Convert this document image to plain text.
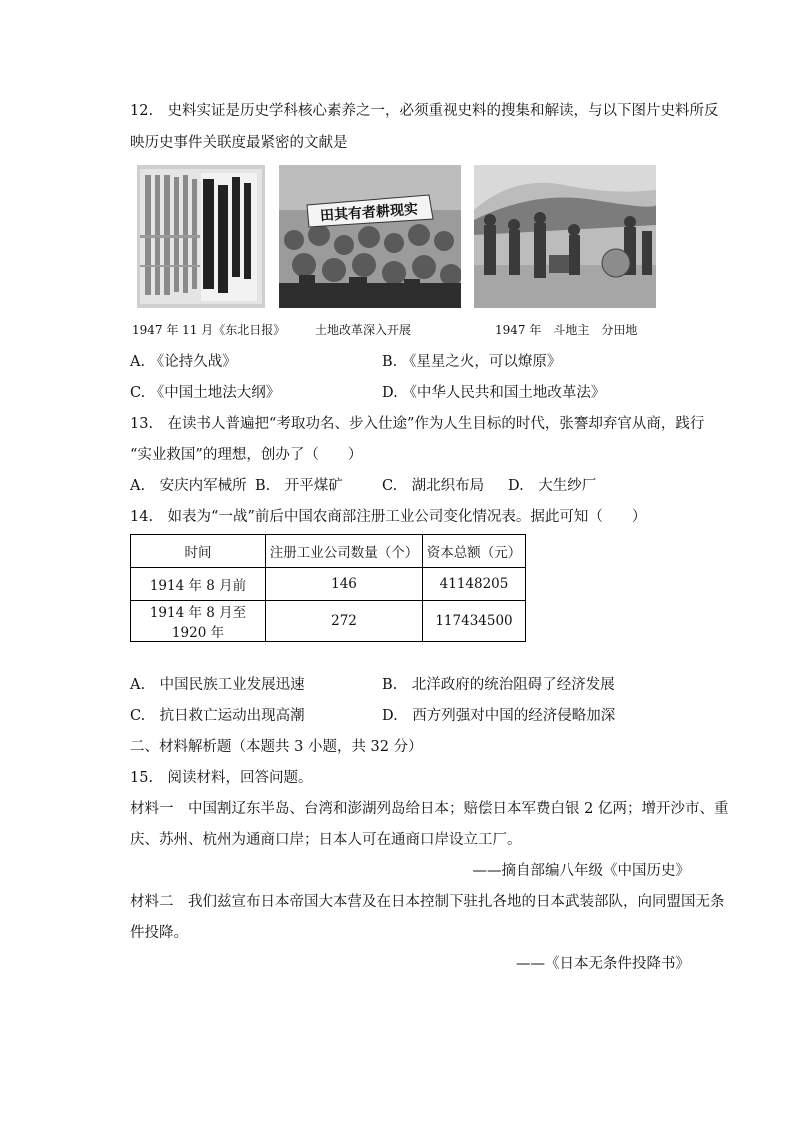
12.　史料实证是历史学科核心素养之一，必须重视史料的搜集和解读，与以下图片史料所反
映历史事件关联度最紧密的文献是
田其有者耕现实
1947 年 11 月《东北日报》 土地改革深入开展	1947 年　斗地主　分田地
A. 《论持久战》	B. 《星星之火，可以燎原》
C. 《中国土地法大纲》	D. 《中华人民共和国土地改革法》
13.　在读书人普遍把“考取功名、步入仕途”作为人生目标的时代，张謇却弃官从商，践行
“实业救国”的理想，创办了（　　）
A.　安庆内军械所 B.　开平煤矿	C.　湖北织布局 D.　大生纱厂
14.　如表为“一战”前后中国农商部注册工业公司变化情况表。据此可知（　　）
时间	注册工业公司数量（个）	资本总额（元）
1914 年 8 月前	146	41148205
1914 年 8 月至 1920 年	272	117434500
A.　中国民族工业发展迅速	B.　北洋政府的统治阻碍了经济发展
C.　抗日救亡运动出现高潮	D.　西方列强对中国的经济侵略加深
二、材料解析题（本题共 3 小题，共 32 分）
15.　阅读材料，回答问题。
材料一　中国割辽东半岛、台湾和澎湖列岛给日本；赔偿日本军费白银 2 亿两；增开沙市、重
庆、苏州、杭州为通商口岸；日本人可在通商口岸设立工厂。
——摘自部编八年级《中国历史》
材料二　我们兹宣布日本帝国大本营及在日本控制下驻扎各地的日本武装部队，向同盟国无条
件投降。
——《日本无条件投降书》
